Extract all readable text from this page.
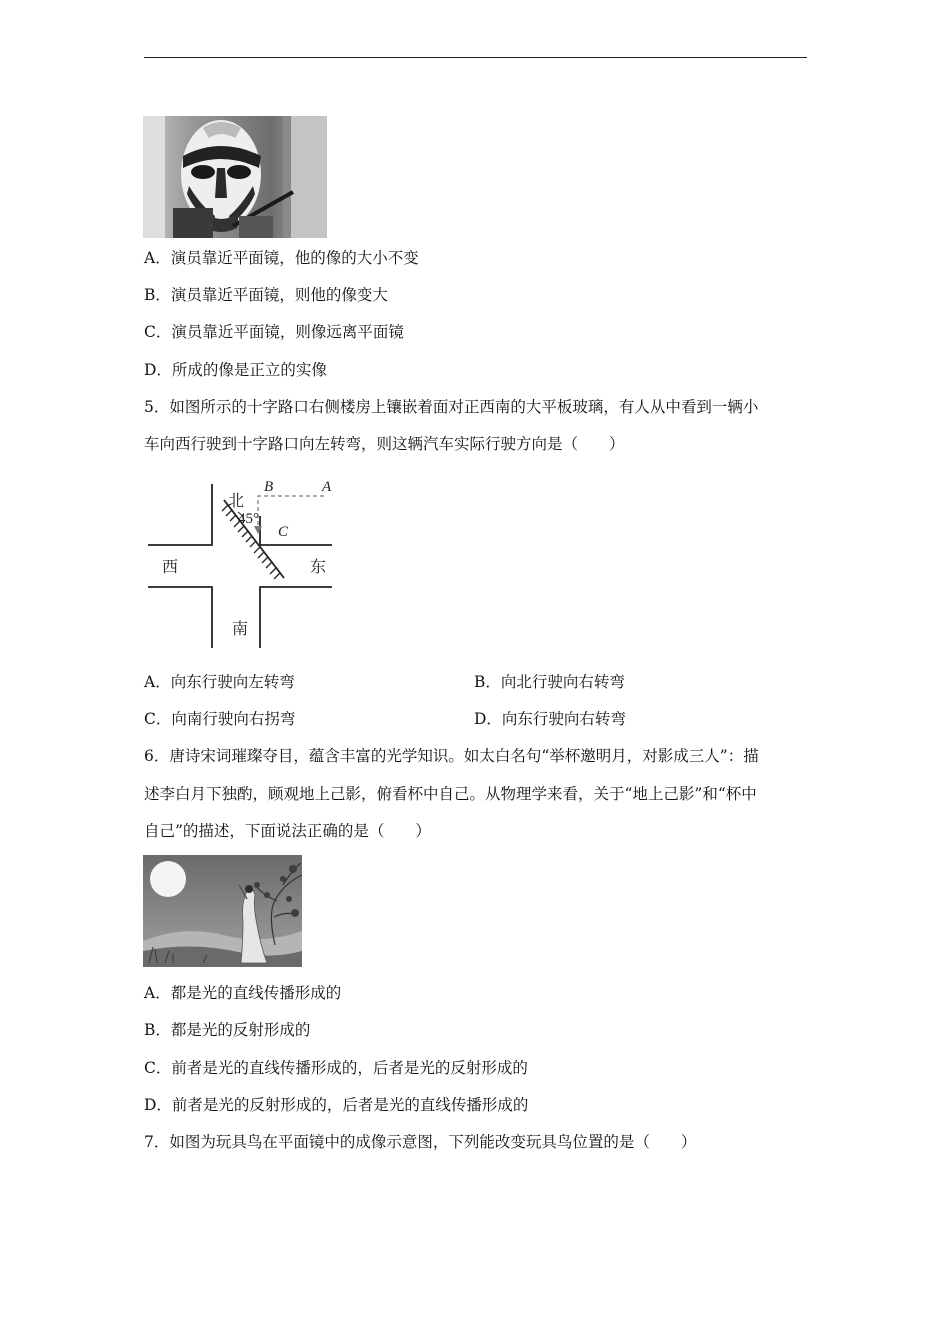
A．演员靠近平面镜，他的像的大小不变
B．演员靠近平面镜，则他的像变大
C．演员靠近平面镜，则像远离平面镜
D．所成的像是正立的实像
5．如图所示的十字路口右侧楼房上镶嵌着面对正西南的大平板玻璃，有人从中看到一辆小
车向西行驶到十字路口向左转弯，则这辆汽车实际行驶方向是（　　）
北
45°
B	A
C
西	东
南
A．向东行驶向左转弯	B．向北行驶向右转弯
C．向南行驶向右拐弯	D．向东行驶向右转弯
6．唐诗宋词璀璨夺目，蕴含丰富的光学知识。如太白名句“举杯邀明月，对影成三人”：描
述李白月下独酌，顾观地上己影，俯看杯中自己。从物理学来看，关于“地上己影”和“杯中
自己”的描述，下面说法正确的是（　　）
A．都是光的直线传播形成的
B．都是光的反射形成的
C．前者是光的直线传播形成的，后者是光的反射形成的
D．前者是光的反射形成的，后者是光的直线传播形成的
7．如图为玩具鸟在平面镜中的成像示意图，下列能改变玩具鸟位置的是（　　）
